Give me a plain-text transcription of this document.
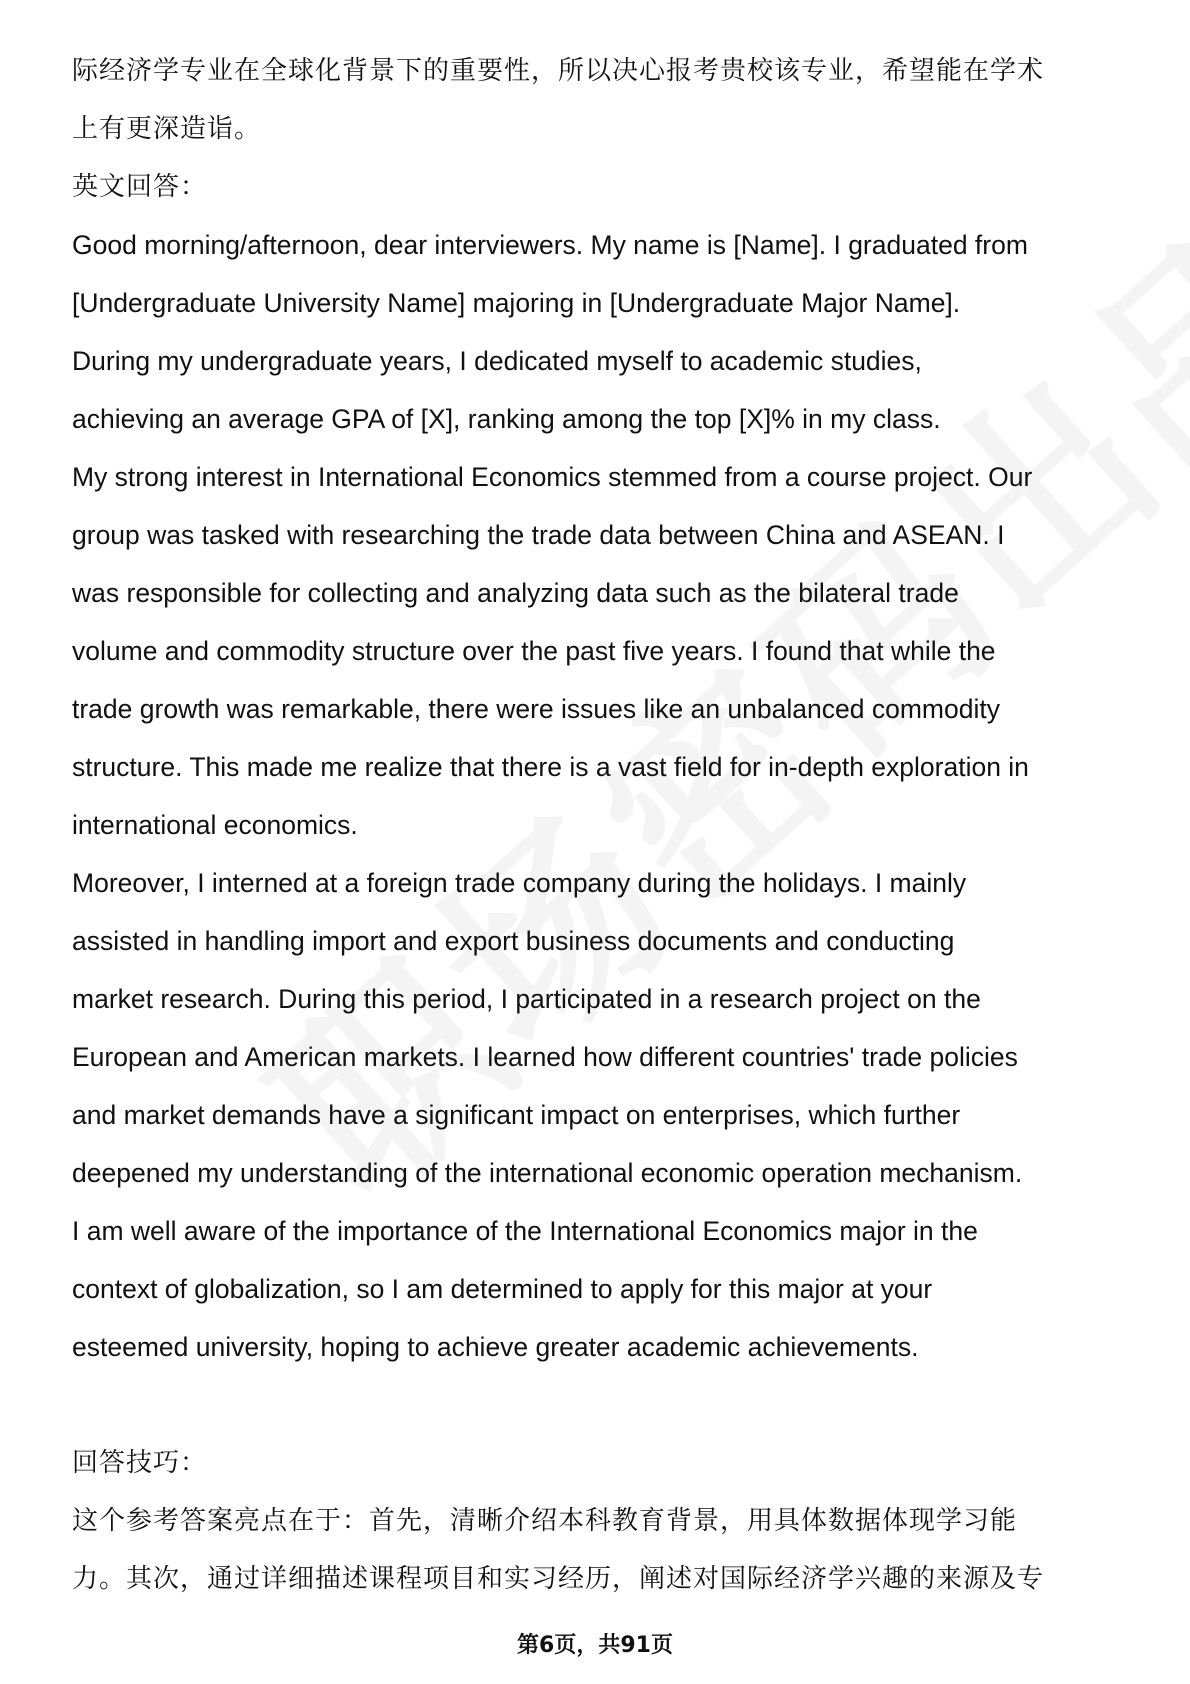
际经济学专业在全球化背景下的重要性，所以决心报考贵校该专业，希望能在学术
上有更深造诣。
英文回答：
Good morning/afternoon, dear interviewers. My name is [Name]. I graduated from
[Undergraduate University Name] majoring in [Undergraduate Major Name].
During my undergraduate years, I dedicated myself to academic studies,
achieving an average GPA of [X], ranking among the top [X]% in my class.
My strong interest in International Economics stemmed from a course project. Our
group was tasked with researching the trade data between China and ASEAN. I
was responsible for collecting and analyzing data such as the bilateral trade
volume and commodity structure over the past five years. I found that while the
trade growth was remarkable, there were issues like an unbalanced commodity
structure. This made me realize that there is a vast field for in-depth exploration in
international economics.
Moreover, I interned at a foreign trade company during the holidays. I mainly
assisted in handling import and export business documents and conducting
market research. During this period, I participated in a research project on the
European and American markets. I learned how different countries' trade policies
and market demands have a significant impact on enterprises, which further
deepened my understanding of the international economic operation mechanism.
I am well aware of the importance of the International Economics major in the
context of globalization, so I am determined to apply for this major at your
esteemed university, hoping to achieve greater academic achievements.
回答技巧：
这个参考答案亮点在于：首先，清晰介绍本科教育背景，用具体数据体现学习能
力。其次，通过详细描述课程项目和实习经历，阐述对国际经济学兴趣的来源及专
第6页，共91页
